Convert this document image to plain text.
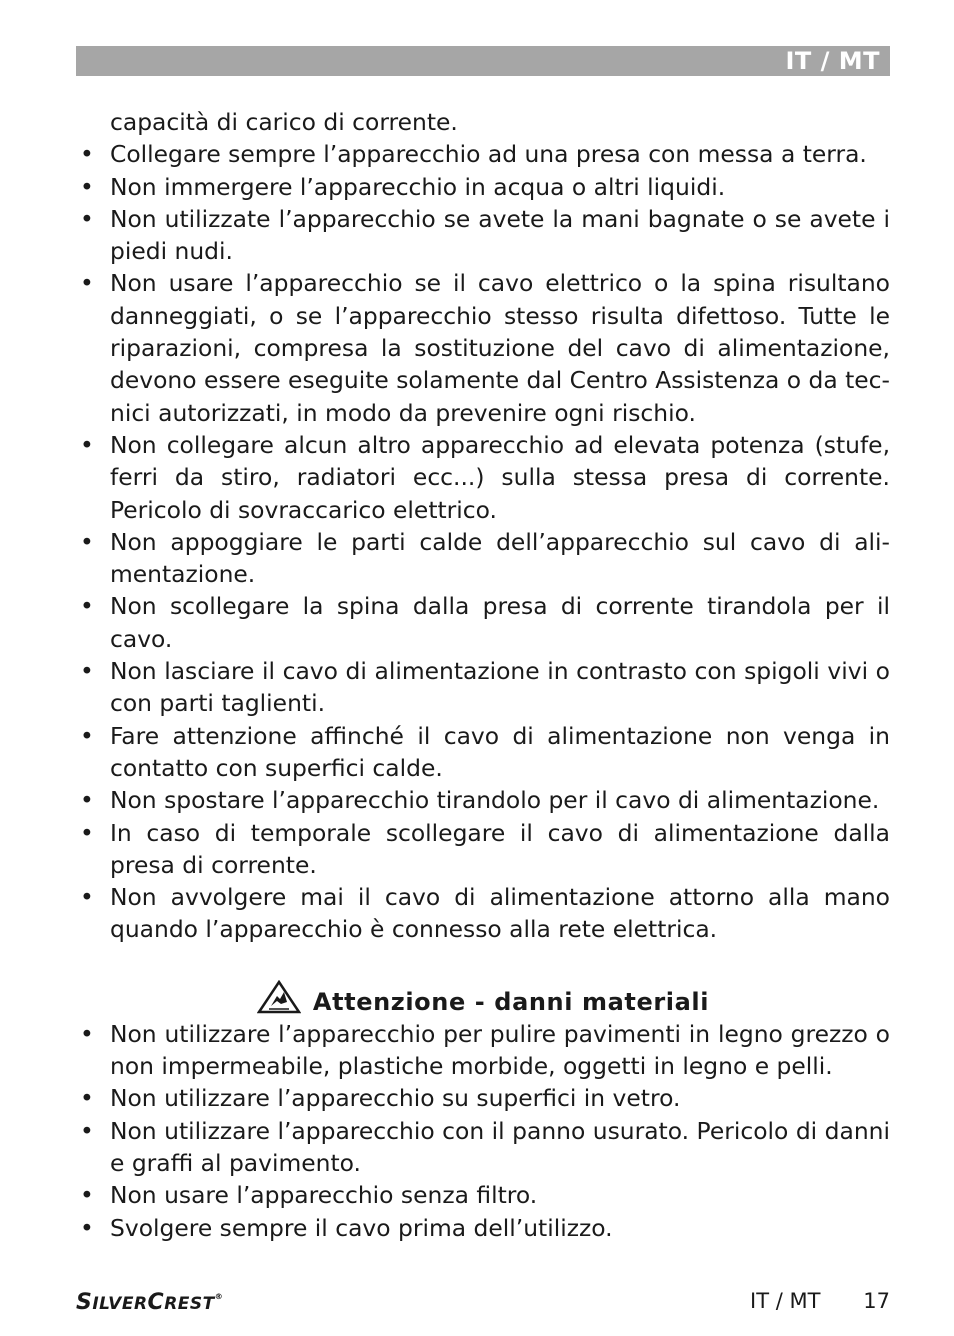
IT / MT
capacità di carico di corrente.
• Collegare sempre l’apparecchio ad una presa con messa a terra.
• Non immergere l’apparecchio in acqua o altri liquidi.
• Non utilizzate l’apparecchio se avete la mani bagnate o se avete i piedi nudi.
• Non usare l’apparecchio se il cavo elettrico o la spina risultano danneggiati, o se l’apparecchio stesso risulta difettoso. Tutte le riparazioni, compresa la sostituzione del cavo di alimentazione, devono essere eseguite solamente dal Centro Assistenza o da tec-nici autorizzati, in modo da prevenire ogni rischio.
• Non collegare alcun altro apparecchio ad elevata potenza (stufe, ferri da stiro, radiatori ecc...) sulla stessa presa di corrente. Pericolo di sovraccarico elettrico.
• Non appoggiare le parti calde dell’apparecchio sul cavo di ali-mentazione.
• Non scollegare la spina dalla presa di corrente tirandola per il cavo.
• Non lasciare il cavo di alimentazione in contrasto con spigoli vivi o con parti taglienti.
• Fare attenzione affinché il cavo di alimentazione non venga in contatto con superfici calde.
• Non spostare l’apparecchio tirandolo per il cavo di alimentazione.
• In caso di temporale scollegare il cavo di alimentazione dalla presa di corrente.
• Non avvolgere mai il cavo di alimentazione attorno alla mano quando l’apparecchio è connesso alla rete elettrica.
Attenzione - danni materiali
• Non utilizzare l’apparecchio per pulire pavimenti in legno grezzo o non impermeabile, plastiche morbide, oggetti in legno e pelli.
• Non utilizzare l’apparecchio su superfici in vetro.
• Non utilizzare l’apparecchio con il panno usurato. Pericolo di danni e graffi al pavimento.
• Non usare l’apparecchio senza filtro.
• Svolgere sempre il cavo prima dell’utilizzo.
SILVERCREST®	IT / MT 17
